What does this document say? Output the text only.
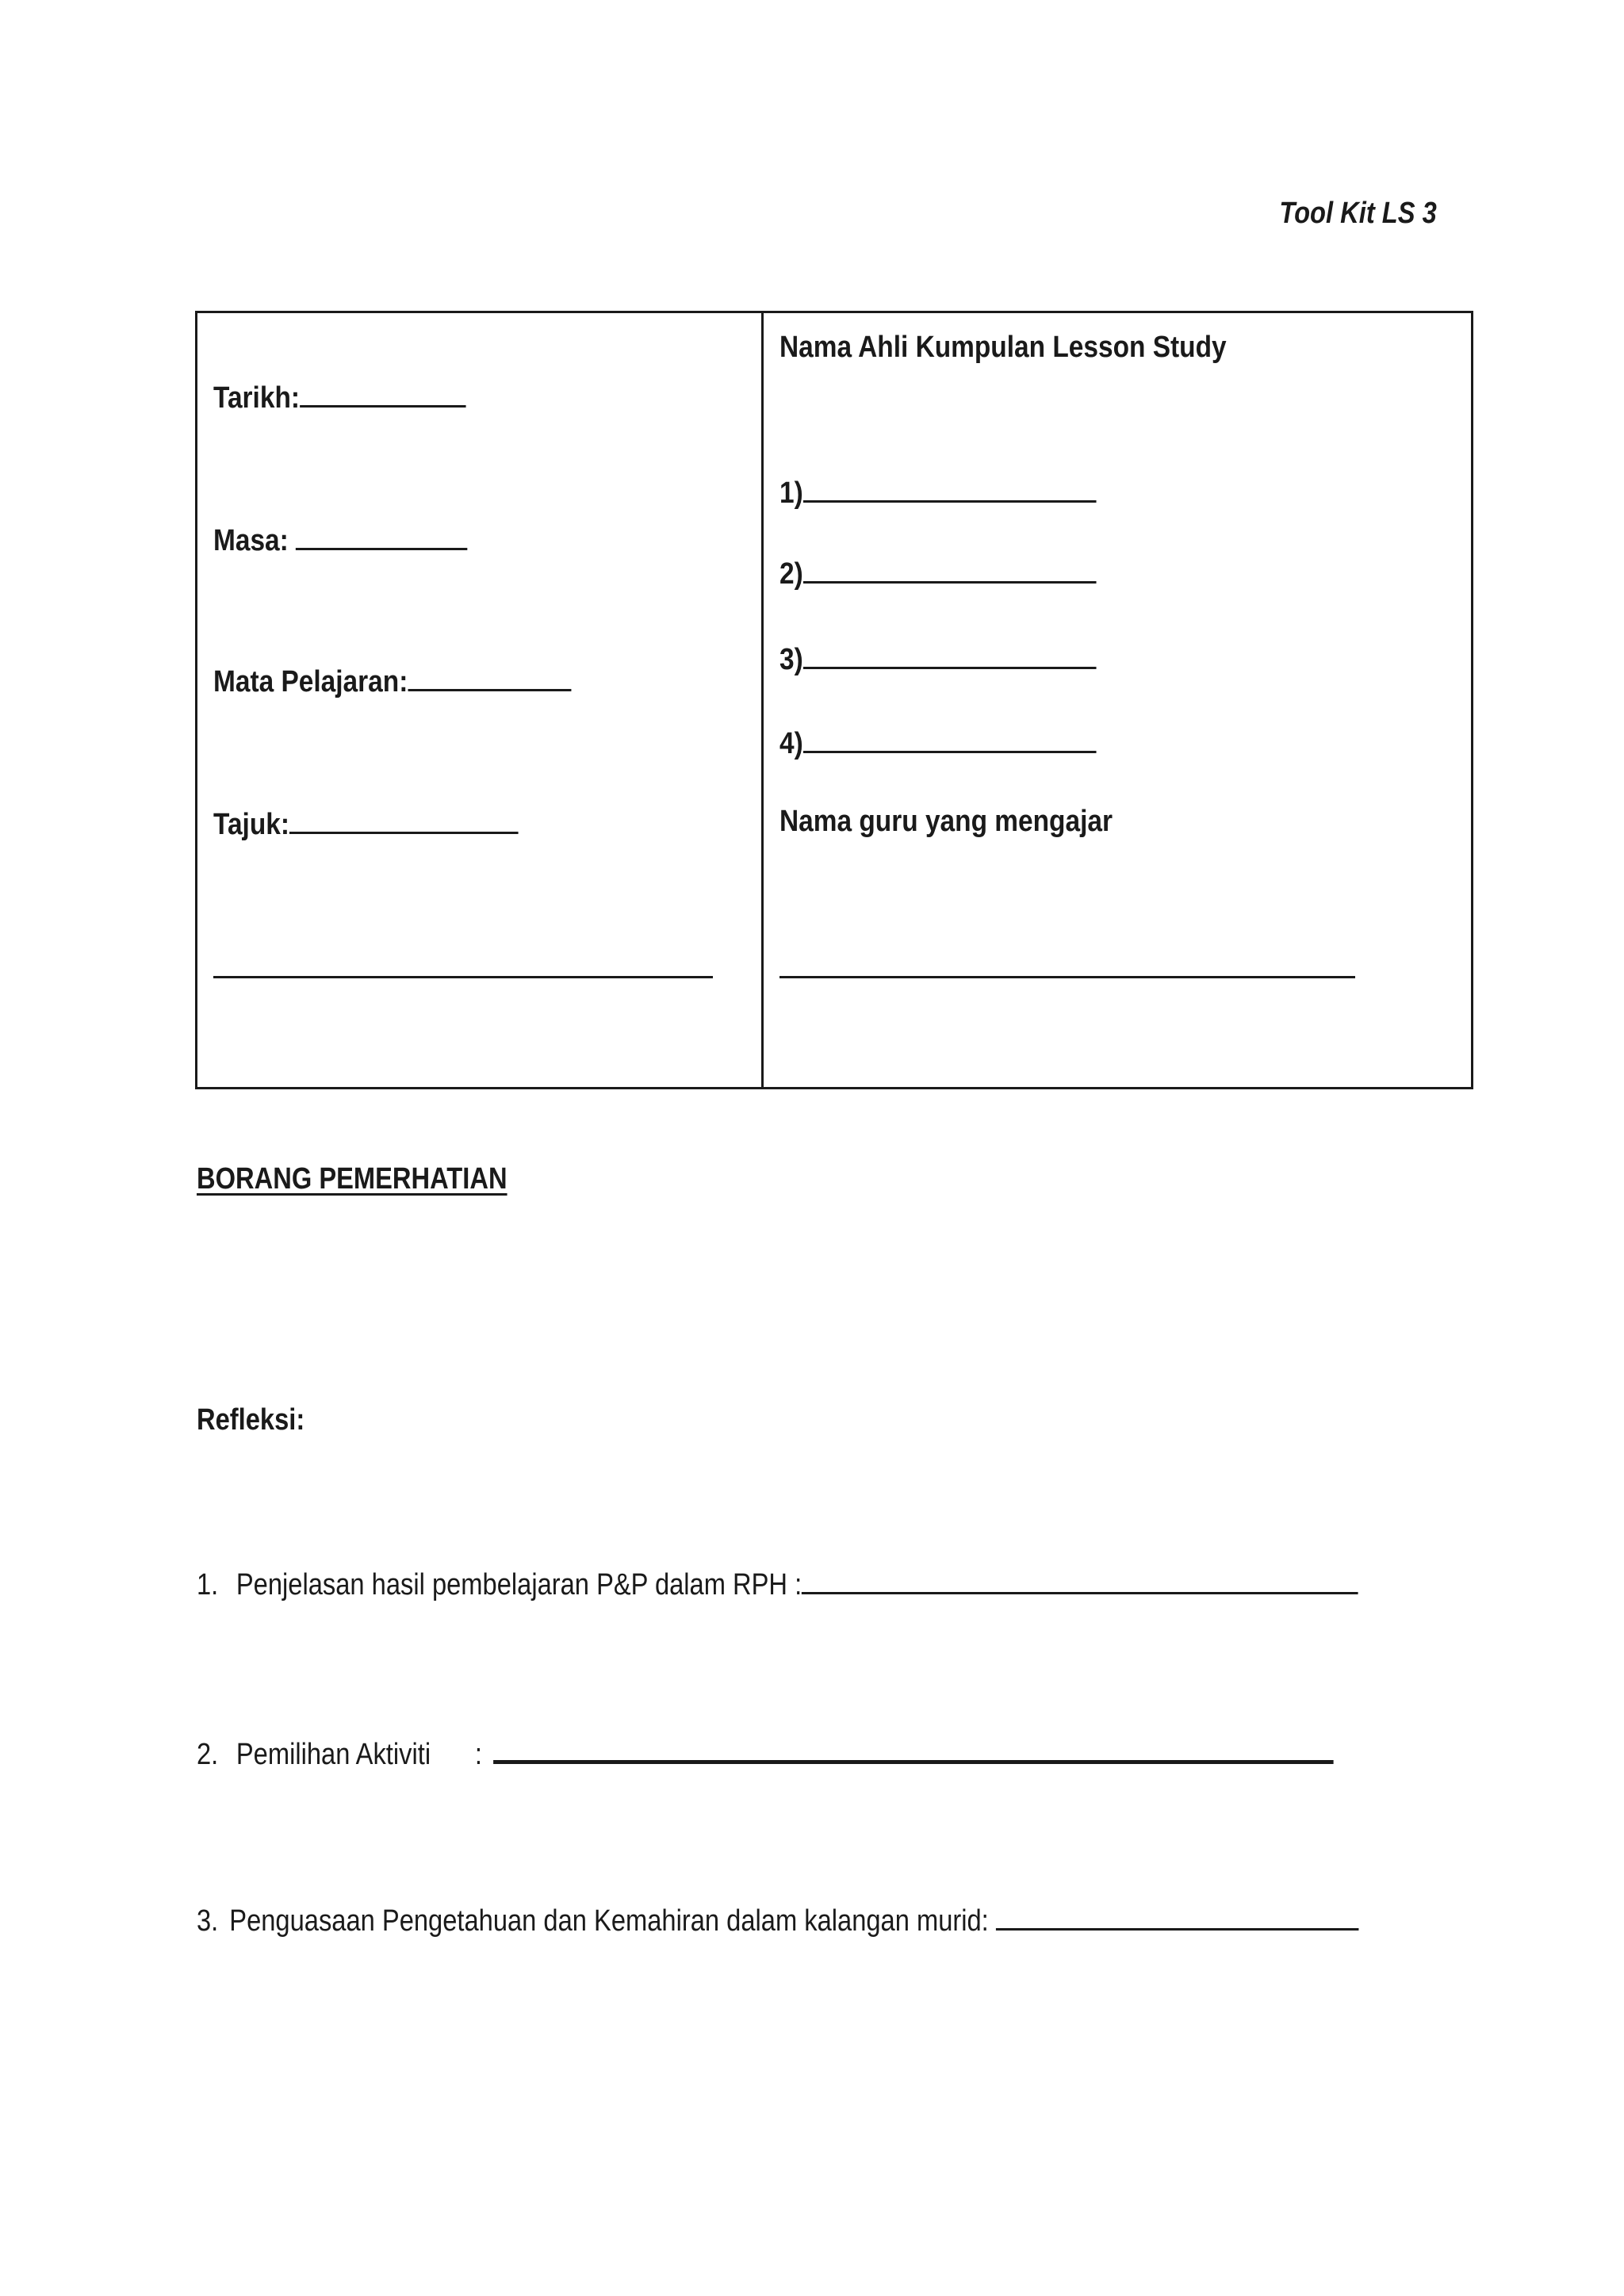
Tool Kit LS 3
Tarikh:
Masa:
Mata Pelajaran:
Tajuk:
Nama Ahli Kumpulan Lesson Study
1)
2)
3)
4)
Nama guru yang mengajar
BORANG PEMERHATIAN
Refleksi:
1. Penjelasan hasil pembelajaran P&P dalam RPH :
2. Pemilihan Aktiviti :
3. Penguasaan Pengetahuan dan Kemahiran dalam kalangan murid:
